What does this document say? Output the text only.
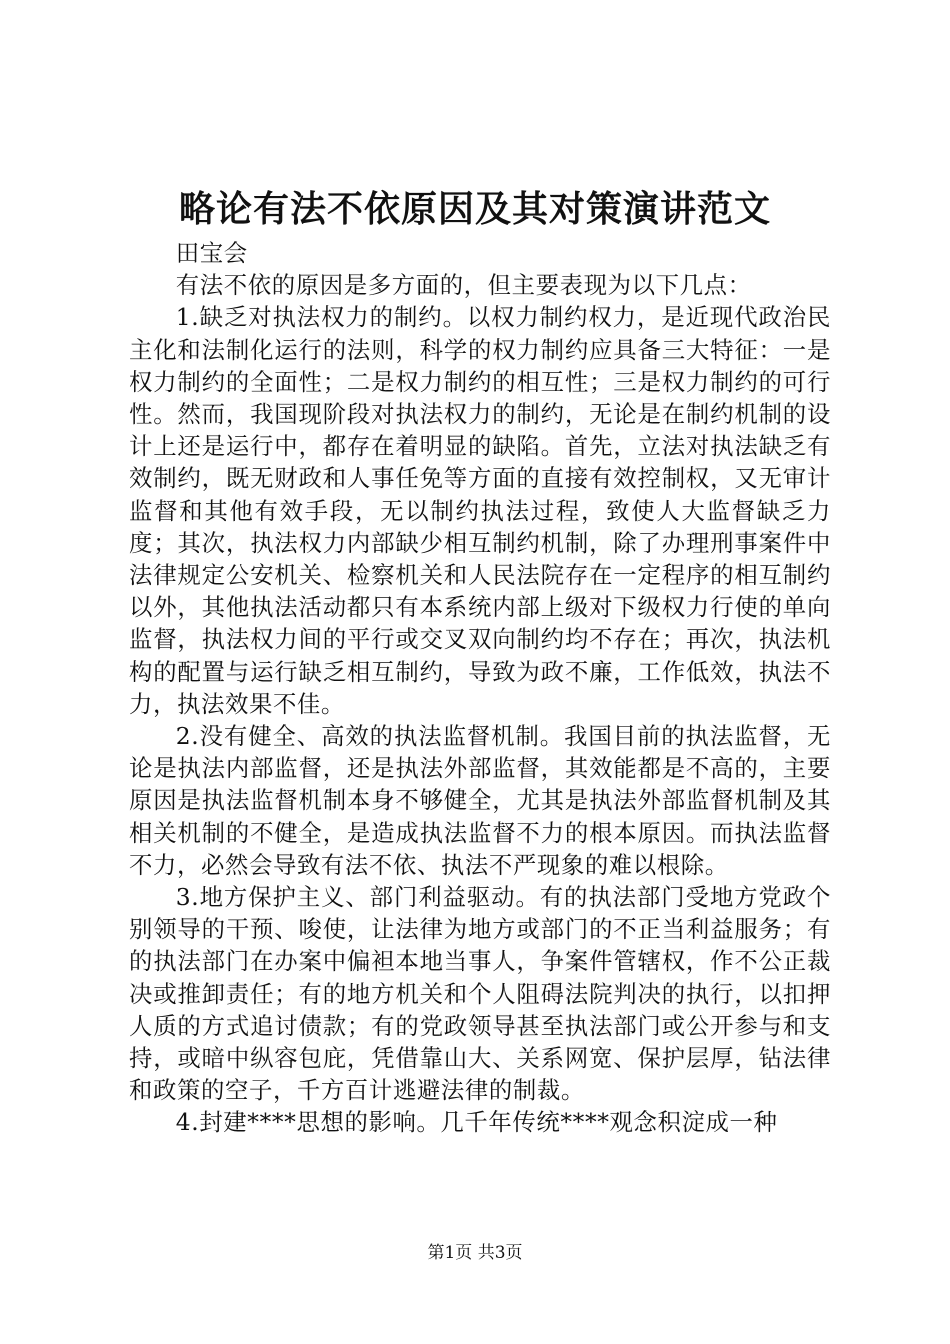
略论有法不依原因及其对策演讲范文

田宝会

有法不依的原因是多方面的，但主要表现为以下几点：

1.缺乏对执法权力的制约。以权力制约权力，是近现代政治民主化和法制化运行的法则，科学的权力制约应具备三大特征：一是权力制约的全面性；二是权力制约的相互性；三是权力制约的可行性。然而，我国现阶段对执法权力的制约，无论是在制约机制的设计上还是运行中，都存在着明显的缺陷。首先，立法对执法缺乏有效制约，既无财政和人事任免等方面的直接有效控制权，又无审计监督和其他有效手段，无以制约执法过程，致使人大监督缺乏力度；其次，执法权力内部缺少相互制约机制，除了办理刑事案件中法律规定公安机关、检察机关和人民法院存在一定程序的相互制约以外，其他执法活动都只有本系统内部上级对下级权力行使的单向监督，执法权力间的平行或交叉双向制约均不存在；再次，执法机构的配置与运行缺乏相互制约，导致为政不廉，工作低效，执法不力，执法效果不佳。

2.没有健全、高效的执法监督机制。我国目前的执法监督，无论是执法内部监督，还是执法外部监督，其效能都是不高的，主要原因是执法监督机制本身不够健全，尤其是执法外部监督机制及其相关机制的不健全，是造成执法监督不力的根本原因。而执法监督不力，必然会导致有法不依、执法不严现象的难以根除。

3.地方保护主义、部门利益驱动。有的执法部门受地方党政个别领导的干预、唆使，让法律为地方或部门的不正当利益服务；有的执法部门在办案中偏袒本地当事人，争案件管辖权，作不公正裁决或推卸责任；有的地方机关和个人阻碍法院判决的执行，以扣押人质的方式追讨债款；有的党政领导甚至执法部门或公开参与和支持，或暗中纵容包庇，凭借靠山大、关系网宽、保护层厚，钻法律和政策的空子，千方百计逃避法律的制裁。

4.封建****思想的影响。几千年传统****观念积淀成一种

第1页 共3页
